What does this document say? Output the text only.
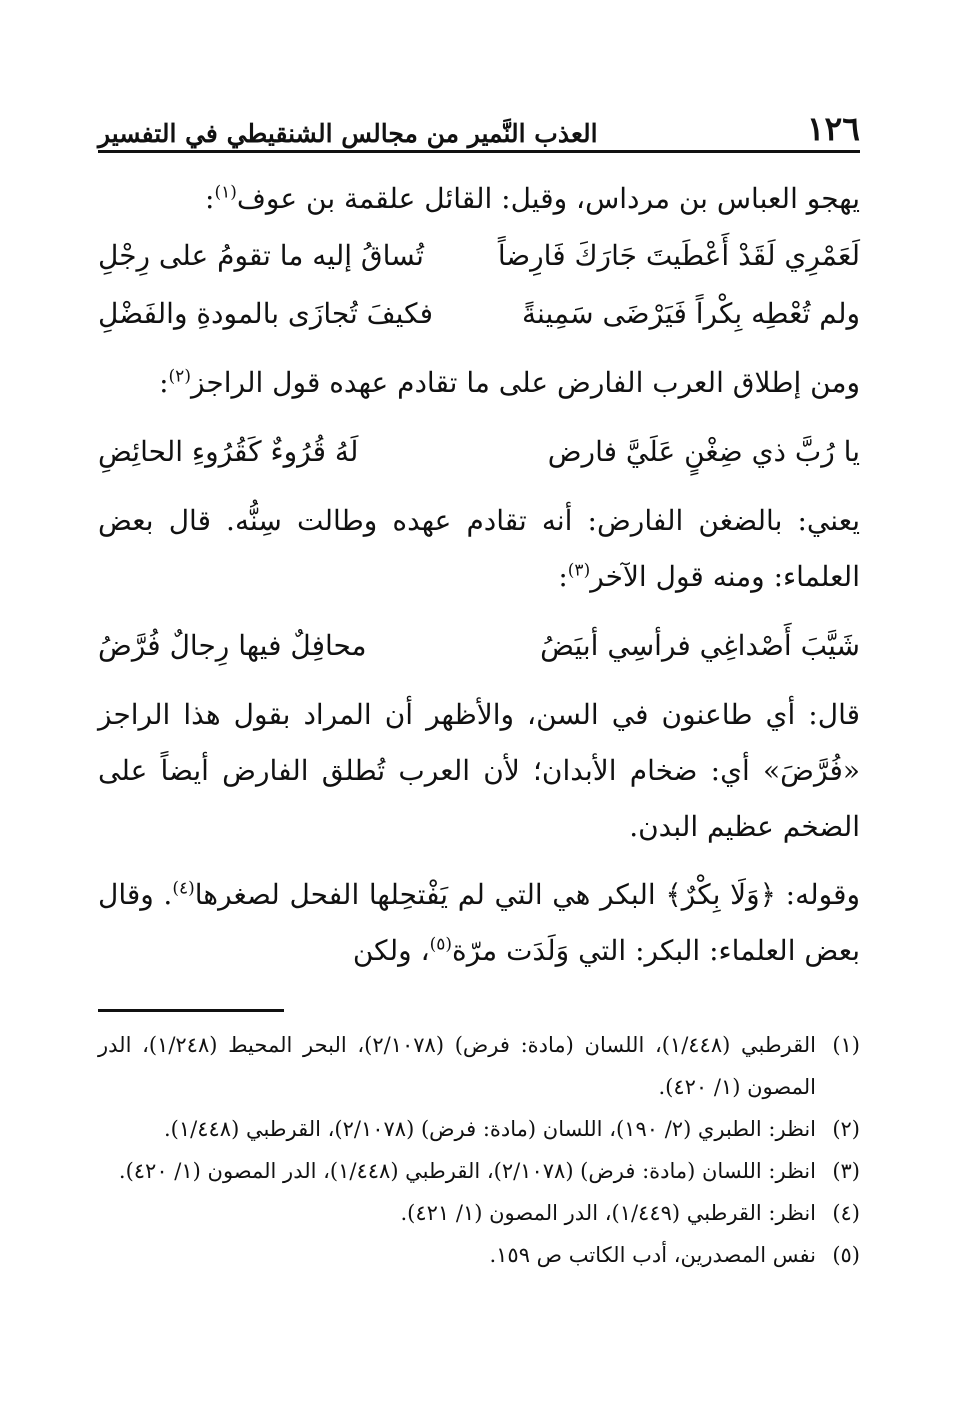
١٢٦
العذب النَّمير من مجالس الشنقيطي في التفسير

يهجو العباس بن مرداس، وقيل: القائل علقمة بن عوف$^{(١)}$:

لَعَمْرِي لَقَدْ أَعْطَيتَ جَارَكَ فَارِضاً
تُساقُ إليه ما تقومُ على رِجْلِ
ولم تُعْطِه بِكْراً فَيَرْضَى سَمِينةً
فكيفَ تُجازَى بالمودةِ والفَضْلِ

ومن إطلاق العرب الفارض على ما تقادم عهده قول الراجز$^{(٢)}$:

يا رُبَّ ذي ضِغْنٍ عَلَيَّ فارض
لَهُ قُرُوءٌ كَقُرُوءِ الحائِضِ

يعني: بالضغن الفارض: أنه تقادم عهده وطالت سِنُّه. قال بعض العلماء: ومنه قول الآخر$^{(٣)}$:

شَيَّبَ أَصْداغِي فرأسِي أبيَضُ
محافِلٌ فيها رِجالٌ فُرَّضُ

قال: أي طاعنون في السن، والأظهر أن المراد بقول هذا الراجز «فُرَّضَ» أي: ضخام الأبدان؛ لأن العرب تُطلق الفارض أيضاً على الضخم عظيم البدن.

وقوله: ﴿وَلَا بِكْرٌ﴾ البكر هي التي لم يَفْتحِلها الفحل لصغرها$^{(٤)}$. وقال بعض العلماء: البكر: التي وَلَدَت مرّة$^{(٥)}$، ولكن

(١)
القرطبي (١/٤٤٨)، اللسان (مادة: فرض) (٢/١٠٧٨)، البحر المحيط (١/٢٤٨)، الدر المصون (١/ ٤٢٠).

(٢)
انظر: الطبري (٢/ ١٩٠)، اللسان (مادة: فرض) (٢/١٠٧٨)، القرطبي (١/٤٤٨).

(٣)
انظر: اللسان (مادة: فرض) (٢/١٠٧٨)، القرطبي (١/٤٤٨)، الدر المصون (١/ ٤٢٠).

(٤)
انظر: القرطبي (١/٤٤٩)، الدر المصون (١/ ٤٢١).

(٥)
نفس المصدرين، أدب الكاتب ص ١٥٩.
